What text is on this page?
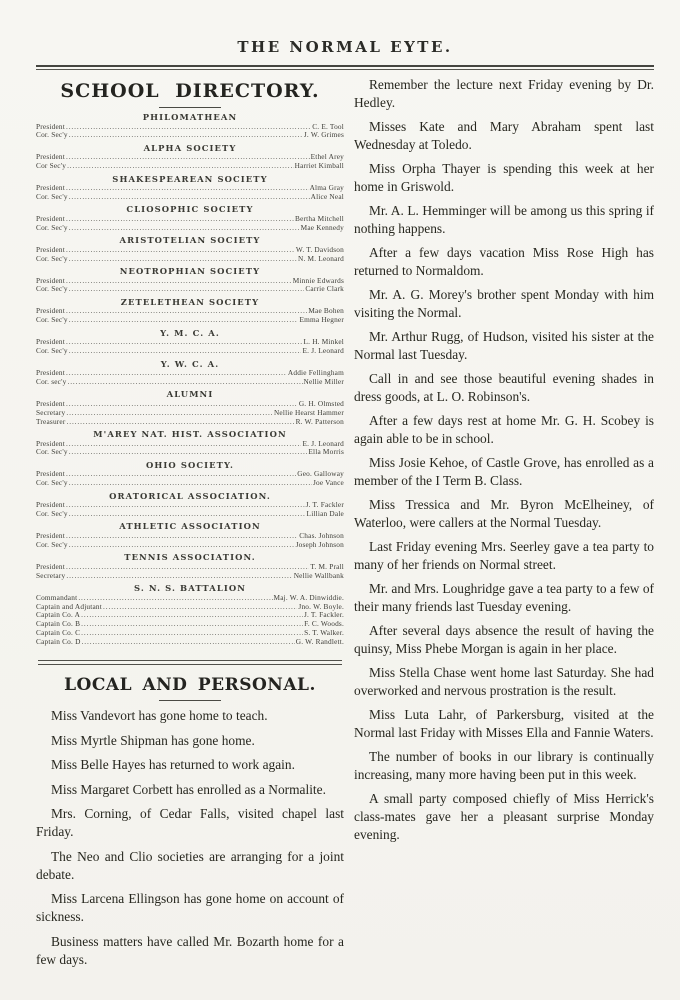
THE NORMAL EYTE.
SCHOOL DIRECTORY.
PHILOMATHEAN
President .....	C. E. Tool
Cor. Sec'y .....	J. W. Grimes
ALPHA SOCIETY
President .....	Ethel Arey
Cor Sec'y .....	Harriet Kimball
SHAKESPEAREAN SOCIETY
President .....	Alma Gray
Cor. Sec'y .....	Alice Neal
CLIOSOPHIC SOCIETY
President .....	Bertha Mitchell
Cor. Sec'y .....	Mae Kennedy
ARISTOTELIAN SOCIETY
President .....	W. T. Davidson
Cor. Sec'y .....	N. M. Leonard
NEOTROPHIAN SOCIETY
President .....	Minnie Edwards
Cor. Sec'y .....	Carrie Clark
ZETELETHEAN SOCIETY
President .....	Mae Bohen
Cor. Sec'y .....	Emma Hegner
Y. M. C. A.
President .....	L. H. Minkel
Cor. Sec'y .....	E. J. Leonard
Y. W. C. A.
President .....	Addie Fellingham
Cor. sec'y .....	Nellie Miller
ALUMNI
President .....	G. H. Olmsted
Secretary .....	Nellie Hearst Hammer
Treasurer .....	R. W. Patterson
M'AREY NAT. HIST. ASSOCIATION
President .....	E. J. Leonard
Cor. Sec'y .....	Ella Morris
OHIO SOCIETY.
President .....	Geo. Galloway
Cor. Sec'y .....	Joe Vance
ORATORICAL ASSOCIATION.
President .....	J. T. Fackler
Cor. Sec'y .....	Lillian Dale
ATHLETIC ASSOCIATION
President .....	Chas. Johnson
Cor. Sec'y .....	Joseph Johnson
TENNIS ASSOCIATION.
President .....	T. M. Prall
Secretary .....	Nellie Wallbank
S. N. S. BATTALION
Commandant .....	Maj. W. A. Dinwiddie.
Captain and Adjutant .....	Jno. W. Boyle.
Captain Co. A .....	J. T. Fackler.
Captain Co. B .....	F. C. Woods.
Captain Co. C .....	S. T. Walker.
Captain Co. D .....	G. W. Randlett.
LOCAL AND PERSONAL.

Miss Vandevort has gone home to teach.

Miss Myrtle Shipman has gone home.

Miss Belle Hayes has returned to work again.

Miss Margaret Corbett has enrolled as a Normalite.

Mrs. Corning, of Cedar Falls, visited chapel last Friday.

The Neo and Clio societies are arranging for a joint debate.

Miss Larcena Ellingson has gone home on account of sickness.

Business matters have called Mr. Bozarth home for a few days.

Remember the lecture next Friday evening by Dr. Hedley.

Misses Kate and Mary Abraham spent last Wednesday at Toledo.

Miss Orpha Thayer is spending this week at her home in Griswold.

Mr. A. L. Hemminger will be among us this spring if nothing happens.

After a few days vacation Miss Rose High has returned to Normaldom.

Mr. A. G. Morey's brother spent Monday with him visiting the Normal.

Mr. Arthur Rugg, of Hudson, visited his sister at the Normal last Tuesday.

Call in and see those beautiful evening shades in dress goods, at L. O. Robinson's.

After a few days rest at home Mr. G. H. Scobey is again able to be in school.

Miss Josie Kehoe, of Castle Grove, has enrolled as a member of the I Term B. Class.

Miss Tressica and Mr. Byron McElheiney, of Waterloo, were callers at the Normal Tuesday.

Last Friday evening Mrs. Seerley gave a tea party to many of her friends on Normal street.

Mr. and Mrs. Loughridge gave a tea party to a few of their many friends last Tuesday evening.

After several days absence the result of having the quinsy, Miss Phebe Morgan is again in her place.

Miss Stella Chase went home last Saturday. She had overworked and nervous prostration is the result.

Miss Luta Lahr, of Parkersburg, visited at the Normal last Friday with Misses Ella and Fannie Waters.

The number of books in our library is continually increasing, many more having been put in this week.

A small party composed chiefly of Miss Herrick's class-mates gave her a pleasant surprise Monday evening.
